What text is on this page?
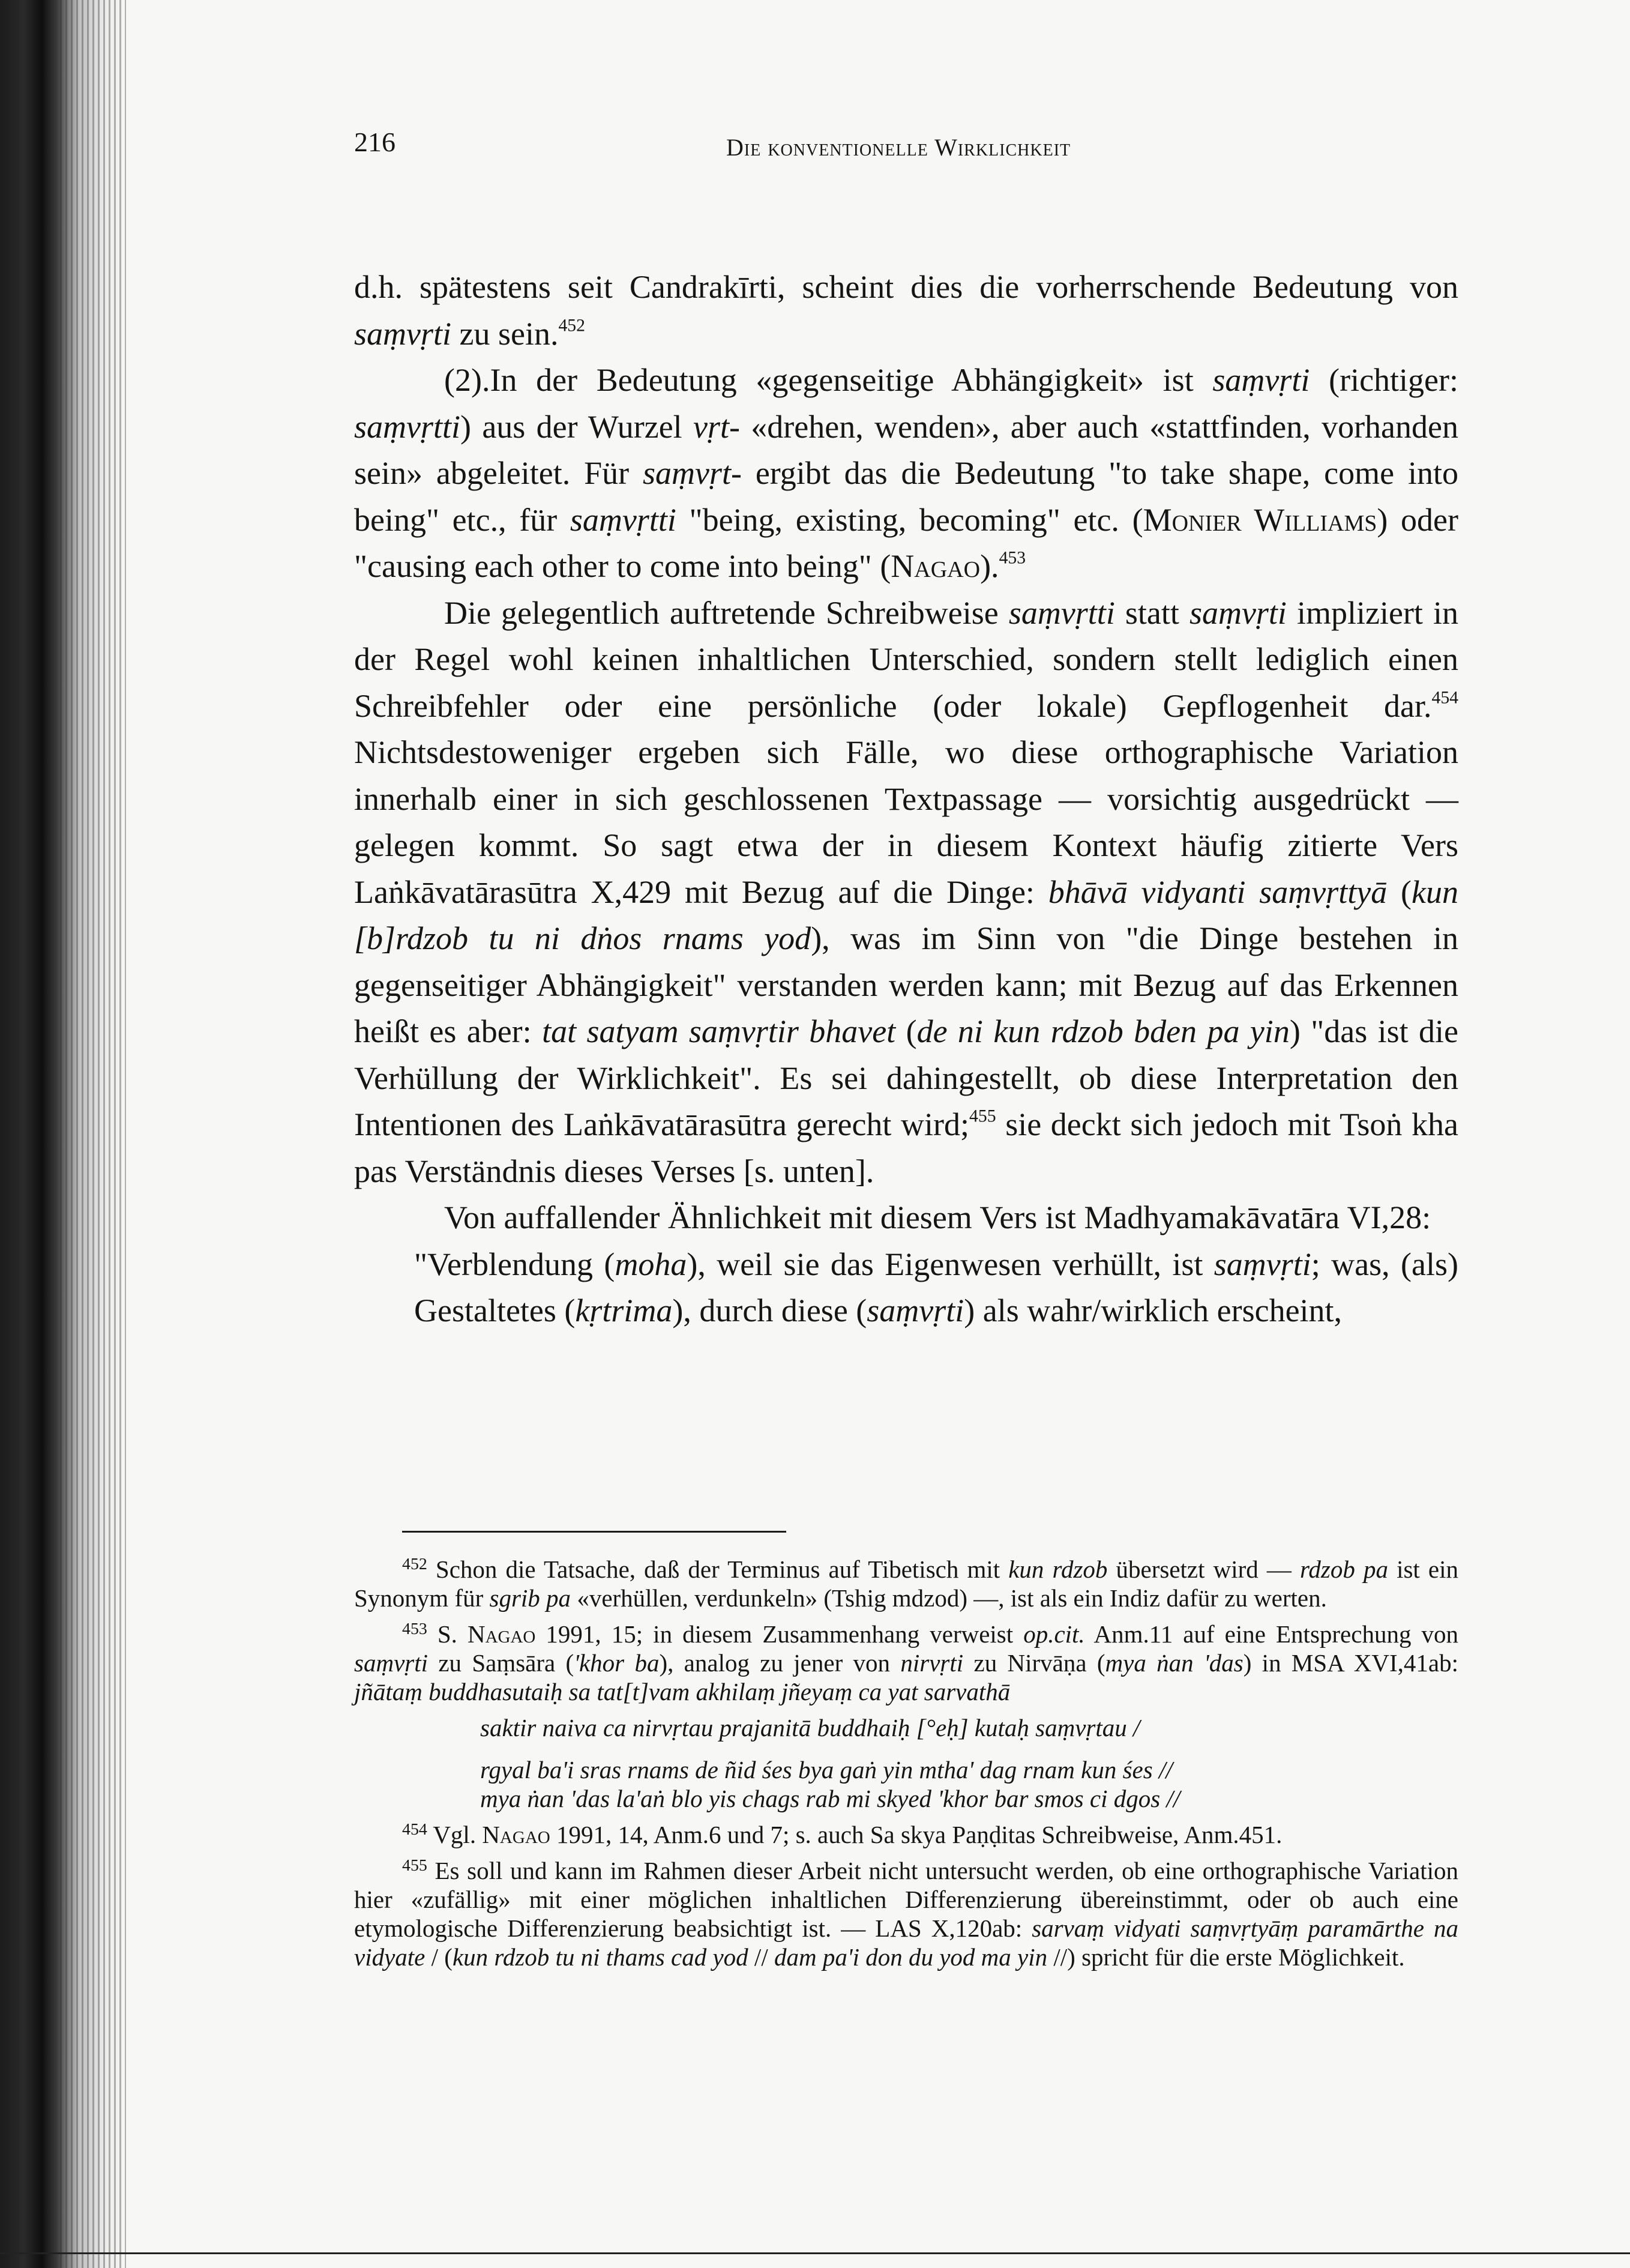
216	Die konventionelle Wirklichkeit

d.h. spätestens seit Candrakīrti, scheint dies die vorherrschende Bedeutung von saṃvṛti zu sein.$^{452}$

(2).In der Bedeutung «gegenseitige Abhängigkeit» ist saṃvṛti (richtiger: saṃvṛtti) aus der Wurzel vṛt- «drehen, wenden», aber auch «stattfinden, vorhanden sein» abgeleitet. Für saṃvṛt- ergibt das die Bedeutung "to take shape, come into being" etc., für saṃvṛtti "being, existing, becoming" etc. (Monier Williams) oder "causing each other to come into being" (Nagao).$^{453}$

Die gelegentlich auftretende Schreibweise saṃvṛtti statt saṃvṛti impliziert in der Regel wohl keinen inhaltlichen Unterschied, sondern stellt lediglich einen Schreibfehler oder eine persönliche (oder lokale) Gepflogenheit dar.$^{454}$ Nichtsdestoweniger ergeben sich Fälle, wo diese orthographische Variation innerhalb einer in sich geschlossenen Textpassage — vorsichtig ausgedrückt — gelegen kommt. So sagt etwa der in diesem Kontext häufig zitierte Vers Laṅkāvatārasūtra X,429 mit Bezug auf die Dinge: bhāvā vidyanti saṃvṛttyā (kun [b]rdzob tu ni dṅos rnams yod), was im Sinn von "die Dinge bestehen in gegenseitiger Abhängigkeit" verstanden werden kann; mit Bezug auf das Erkennen heißt es aber: tat satyam saṃvṛtir bhavet (de ni kun rdzob bden pa yin) "das ist die Verhüllung der Wirklichkeit". Es sei dahingestellt, ob diese Interpretation den Intentionen des Laṅkāvatārasūtra gerecht wird;$^{455}$ sie deckt sich jedoch mit Tsoṅ kha pas Verständnis dieses Verses [s. unten].

Von auffallender Ähnlichkeit mit diesem Vers ist Madhyamakāvatāra VI,28:

"Verblendung (moha), weil sie das Eigenwesen verhüllt, ist saṃvṛti; was, (als) Gestaltetes (kṛtrima), durch diese (saṃvṛti) als wahr/wirklich erscheint,

$^{452}$ Schon die Tatsache, daß der Terminus auf Tibetisch mit kun rdzob übersetzt wird — rdzob pa ist ein Synonym für sgrib pa «verhüllen, verdunkeln» (Tshig mdzod) —, ist als ein Indiz dafür zu werten.

$^{453}$ S. Nagao 1991, 15; in diesem Zusammenhang verweist op.cit. Anm.11 auf eine Entsprechung von saṃvṛti zu Saṃsāra ('khor ba), analog zu jener von nirvṛti zu Nirvāṇa (mya ṅan 'das) in MSA XVI,41ab: jñātaṃ buddhasutaiḥ sa tat[t]vam akhilaṃ jñeyaṃ ca yat sarvathā

saktir naiva ca nirvṛtau prajanitā buddhaiḥ [°eḥ] kutaḥ saṃvṛtau /

rgyal ba'i sras rnams de ñid śes bya gaṅ yin mtha' dag rnam kun śes //

mya ṅan 'das la'aṅ blo yis chags rab mi skyed 'khor bar smos ci dgos //

$^{454}$ Vgl. Nagao 1991, 14, Anm.6 und 7; s. auch Sa skya Paṇḍitas Schreibweise, Anm.451.

$^{455}$ Es soll und kann im Rahmen dieser Arbeit nicht untersucht werden, ob eine orthographische Variation hier «zufällig» mit einer möglichen inhaltlichen Differenzierung übereinstimmt, oder ob auch eine etymologische Differenzierung beabsichtigt ist. — LAS X,120ab: sarvaṃ vidyati saṃvṛtyāṃ paramārthe na vidyate / (kun rdzob tu ni thams cad yod // dam pa'i don du yod ma yin //) spricht für die erste Möglichkeit.
